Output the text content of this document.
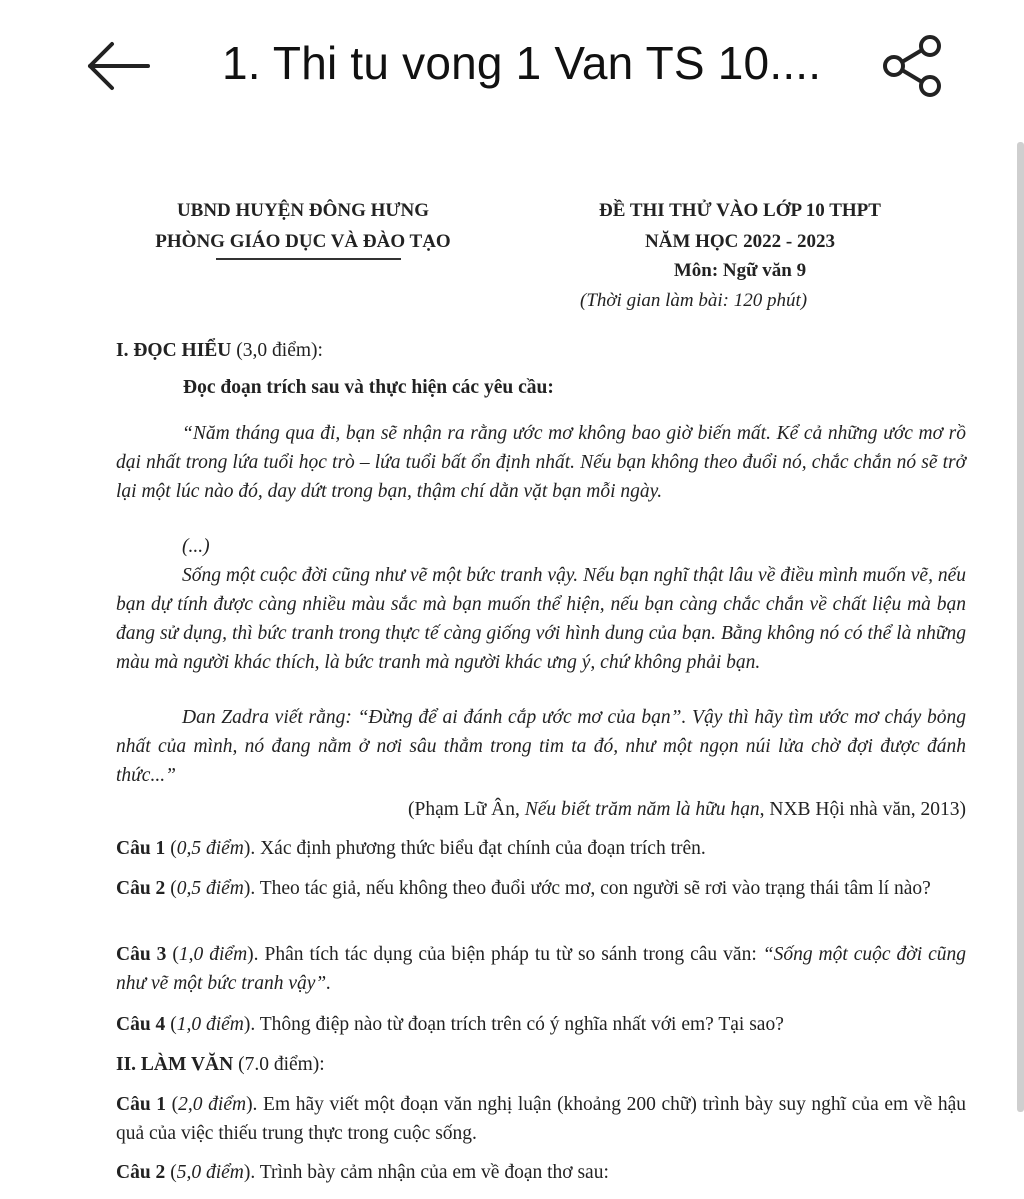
1. Thi tu vong 1 Van TS 10....
UBND HUYỆN ĐÔNG HƯNG
PHÒNG GIÁO DỤC VÀ ĐÀO TẠO
ĐỀ THI THỬ VÀO LỚP 10 THPT
NĂM HỌC 2022 - 2023
Môn: Ngữ văn 9
(Thời gian làm bài: 120 phút)
I. ĐỌC HIỂU (3,0 điểm):
Đọc đoạn trích sau và thực hiện các yêu cầu:
“Năm tháng qua đi, bạn sẽ nhận ra rằng ước mơ không bao giờ biến mất. Kể cả những ước mơ rồ dại nhất trong lứa tuổi học trò – lứa tuổi bất ổn định nhất. Nếu bạn không theo đuổi nó, chắc chắn nó sẽ trở lại một lúc nào đó, day dứt trong bạn, thậm chí dằn vặt bạn mỗi ngày.
(...)
Sống một cuộc đời cũng như vẽ một bức tranh vậy. Nếu bạn nghĩ thật lâu về điều mình muốn vẽ, nếu bạn dự tính được càng nhiều màu sắc mà bạn muốn thể hiện, nếu bạn càng chắc chắn về chất liệu mà bạn đang sử dụng, thì bức tranh trong thực tế càng giống với hình dung của bạn. Bằng không nó có thể là những màu mà người khác thích, là bức tranh mà người khác ưng ý, chứ không phải bạn.
Dan Zadra viết rằng: “Đừng để ai đánh cắp ước mơ của bạn”. Vậy thì hãy tìm ước mơ cháy bỏng nhất của mình, nó đang nằm ở nơi sâu thẳm trong tim ta đó, như một ngọn núi lửa chờ đợi được đánh thức...”
(Phạm Lữ Ân, Nếu biết trăm năm là hữu hạn, NXB Hội nhà văn, 2013)
Câu 1 (0,5 điểm). Xác định phương thức biểu đạt chính của đoạn trích trên.
Câu 2 (0,5 điểm). Theo tác giả, nếu không theo đuổi ước mơ, con người sẽ rơi vào trạng thái tâm lí nào?
Câu 3 (1,0 điểm). Phân tích tác dụng của biện pháp tu từ so sánh trong câu văn: “Sống một cuộc đời cũng như vẽ một bức tranh vậy”.
Câu 4 (1,0 điểm). Thông điệp nào từ đoạn trích trên có ý nghĩa nhất với em? Tại sao?
II. LÀM VĂN (7.0 điểm):
Câu 1 (2,0 điểm). Em hãy viết một đoạn văn nghị luận (khoảng 200 chữ) trình bày suy nghĩ của em về hậu quả của việc thiếu trung thực trong cuộc sống.
Câu 2 (5,0 điểm). Trình bày cảm nhận của em về đoạn thơ sau:
